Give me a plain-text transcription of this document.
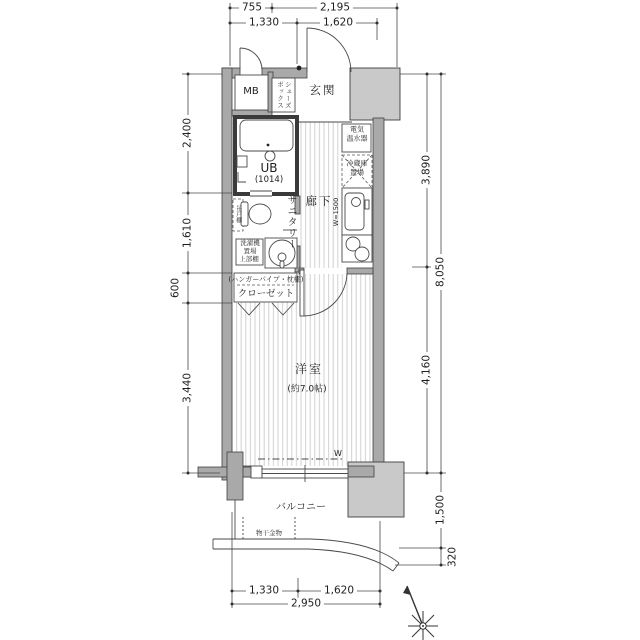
755	2,195
1,330	1,620
2,400
1,610
600
3,440
3,890
4,160
8,050
1,500
320
1,330	1,620
2,950
MB	シューズボックス	玄関
UB
(1014)
サニタリー 廊下
洋室
(約7.0帖)
(ハンガーパイプ・枕棚)
クローゼット
バルコニー
電気
温水器
冷蔵庫
置場
W=1500
吊戸棚
洗濯機
置場
上部棚
W
物干金物
